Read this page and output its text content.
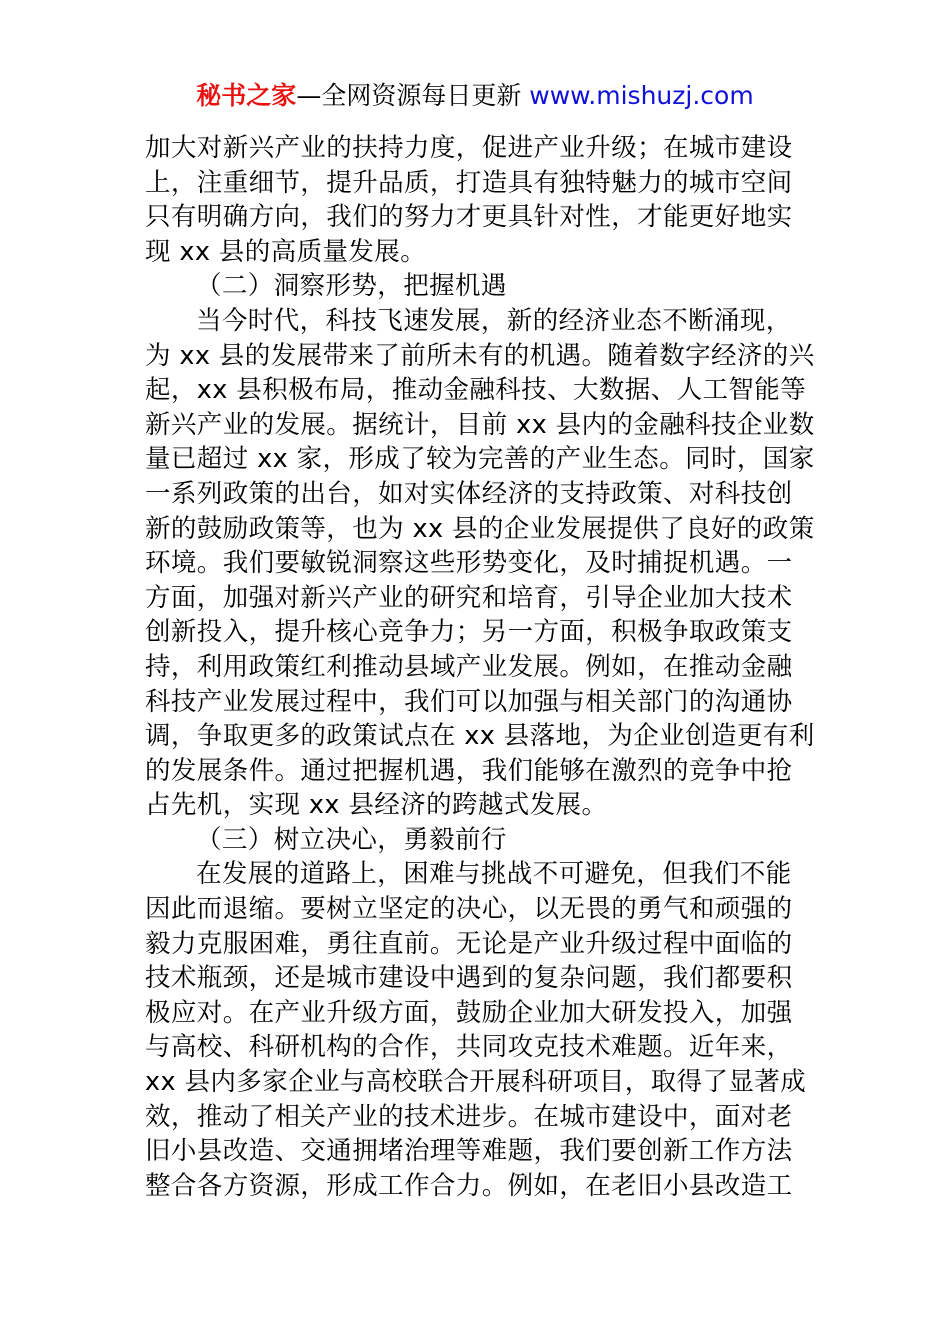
秘书之家—全网资源每日更新 www.mishuzj.com
加大对新兴产业的扶持力度，促进产业升级；在城市建设
上，注重细节，提升品质，打造具有独特魅力的城市空间
只有明确方向，我们的努力才更具针对性，才能更好地实
现 xx 县的高质量发展。
（二）洞察形势，把握机遇
当今时代，科技飞速发展，新的经济业态不断涌现，
为 xx 县的发展带来了前所未有的机遇。随着数字经济的兴
起，xx 县积极布局，推动金融科技、大数据、人工智能等
新兴产业的发展。据统计，目前 xx 县内的金融科技企业数
量已超过 xx 家，形成了较为完善的产业生态。同时，国家
一系列政策的出台，如对实体经济的支持政策、对科技创
新的鼓励政策等，也为 xx 县的企业发展提供了良好的政策
环境。我们要敏锐洞察这些形势变化，及时捕捉机遇。一
方面，加强对新兴产业的研究和培育，引导企业加大技术
创新投入，提升核心竞争力；另一方面，积极争取政策支
持，利用政策红利推动县域产业发展。例如，在推动金融
科技产业发展过程中，我们可以加强与相关部门的沟通协
调，争取更多的政策试点在 xx 县落地，为企业创造更有利
的发展条件。通过把握机遇，我们能够在激烈的竞争中抢
占先机，实现 xx 县经济的跨越式发展。
（三）树立决心，勇毅前行
在发展的道路上，困难与挑战不可避免，但我们不能
因此而退缩。要树立坚定的决心，以无畏的勇气和顽强的
毅力克服困难，勇往直前。无论是产业升级过程中面临的
技术瓶颈，还是城市建设中遇到的复杂问题，我们都要积
极应对。在产业升级方面，鼓励企业加大研发投入，加强
与高校、科研机构的合作，共同攻克技术难题。近年来，
xx 县内多家企业与高校联合开展科研项目，取得了显著成
效，推动了相关产业的技术进步。在城市建设中，面对老
旧小县改造、交通拥堵治理等难题，我们要创新工作方法
整合各方资源，形成工作合力。例如，在老旧小县改造工
